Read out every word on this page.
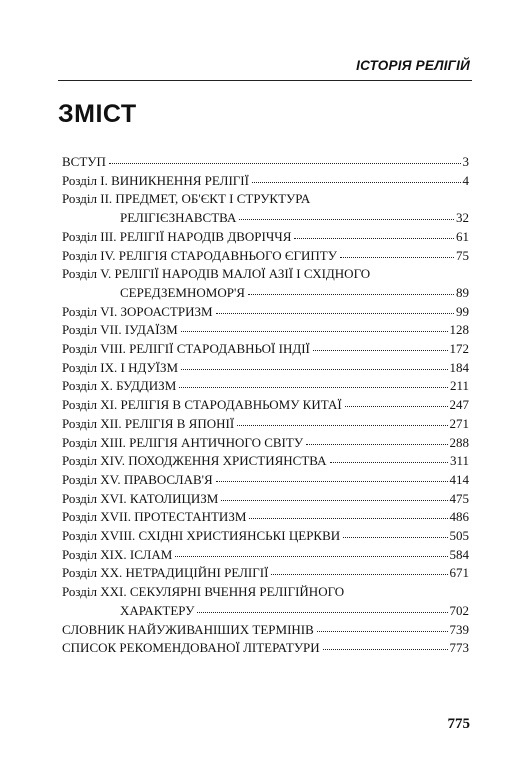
ІСТОРІЯ РЕЛІГІЙ
ЗМІСТ
ВСТУП	3
Розділ І. ВИНИКНЕННЯ РЕЛІГІЇ	4
Розділ ІІ. ПРЕДМЕТ, ОБ'ЄКТ І СТРУКТУРА
РЕЛІГІЄЗНАВСТВА	32
Розділ ІІІ. РЕЛІГІЇ НАРОДІВ ДВОРІЧЧЯ	61
Розділ IV. РЕЛІГІЯ СТАРОДАВНЬОГО ЄГИПТУ	75
Розділ V. РЕЛІГІЇ НАРОДІВ МАЛОЇ АЗІЇ І СХІДНОГО
СЕРЕДЗЕМНОМОР'Я	89
Розділ VI. ЗОРОАСТРИЗМ	99
Розділ VII. ІУДАЇЗМ	128
Розділ VIII. РЕЛІГІЇ СТАРОДАВНЬОЇ ІНДІЇ	172
Розділ IX. І НДУЇЗМ	184
Розділ X. БУДДИЗМ	211
Розділ XI. РЕЛІГІЯ В СТАРОДАВНЬОМУ КИТАЇ	247
Розділ XII. РЕЛІГІЯ В ЯПОНІЇ	271
Розділ XIII. РЕЛІГІЯ АНТИЧНОГО СВІТУ	288
Розділ XIV. ПОХОДЖЕННЯ ХРИСТИЯНСТВА	311
Розділ XV. ПРАВОСЛАВ'Я	414
Розділ XVI. КАТОЛИЦИЗМ	475
Розділ XVII. ПРОТЕСТАНТИЗМ	486
Розділ XVIII. СХІДНІ ХРИСТИЯНСЬКІ ЦЕРКВИ	505
Розділ XIX. ІСЛАМ	584
Розділ XX. НЕТРАДИЦІЙНІ РЕЛІГІЇ	671
Розділ XXI. СЕКУЛЯРНІ ВЧЕННЯ РЕЛІГІЙНОГО
ХАРАКТЕРУ	702
СЛОВНИК НАЙУЖИВАНІШИХ ТЕРМІНІВ	739
СПИСОК РЕКОМЕНДОВАНОЇ ЛІТЕРАТУРИ	773
775
